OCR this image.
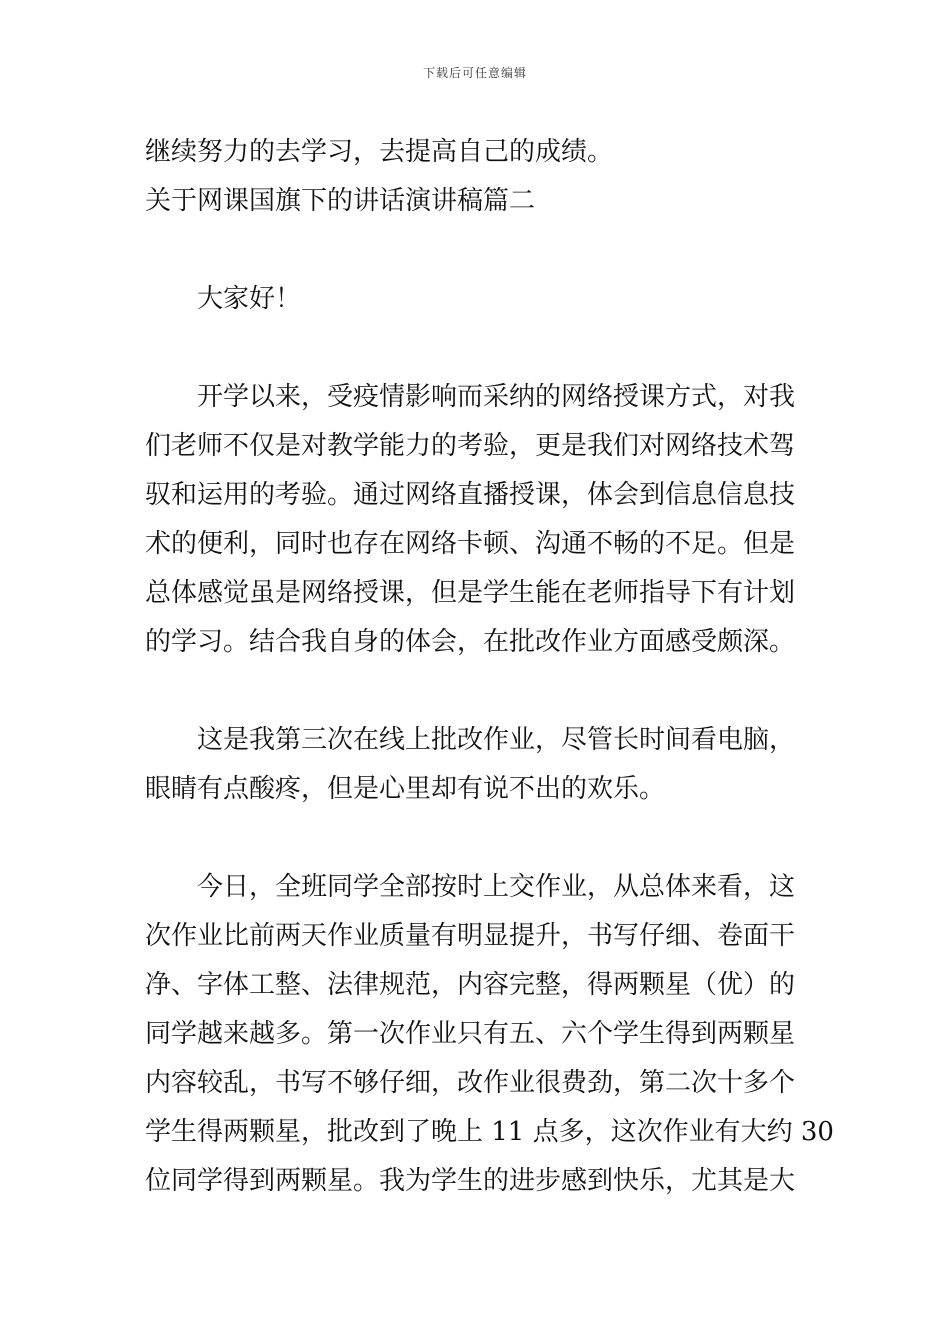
下载后可任意编辑
继续努力的去学习，去提高自己的成绩。
关于网课国旗下的讲话演讲稿篇二
大家好！
开学以来，受疫情影响而采纳的网络授课方式，对我
们老师不仅是对教学能力的考验，更是我们对网络技术驾
驭和运用的考验。通过网络直播授课，体会到信息信息技
术的便利，同时也存在网络卡顿、沟通不畅的不足。但是
总体感觉虽是网络授课，但是学生能在老师指导下有计划
的学习。结合我自身的体会，在批改作业方面感受颇深。
这是我第三次在线上批改作业，尽管长时间看电脑，
眼睛有点酸疼，但是心里却有说不出的欢乐。
今日，全班同学全部按时上交作业，从总体来看，这
次作业比前两天作业质量有明显提升，书写仔细、卷面干
净、字体工整、法律规范，内容完整，得两颗星（优）的
同学越来越多。第一次作业只有五、六个学生得到两颗星
内容较乱，书写不够仔细，改作业很费劲，第二次十多个
学生得两颗星，批改到了晚上 11 点多，这次作业有大约 30
位同学得到两颗星。我为学生的进步感到快乐，尤其是大
